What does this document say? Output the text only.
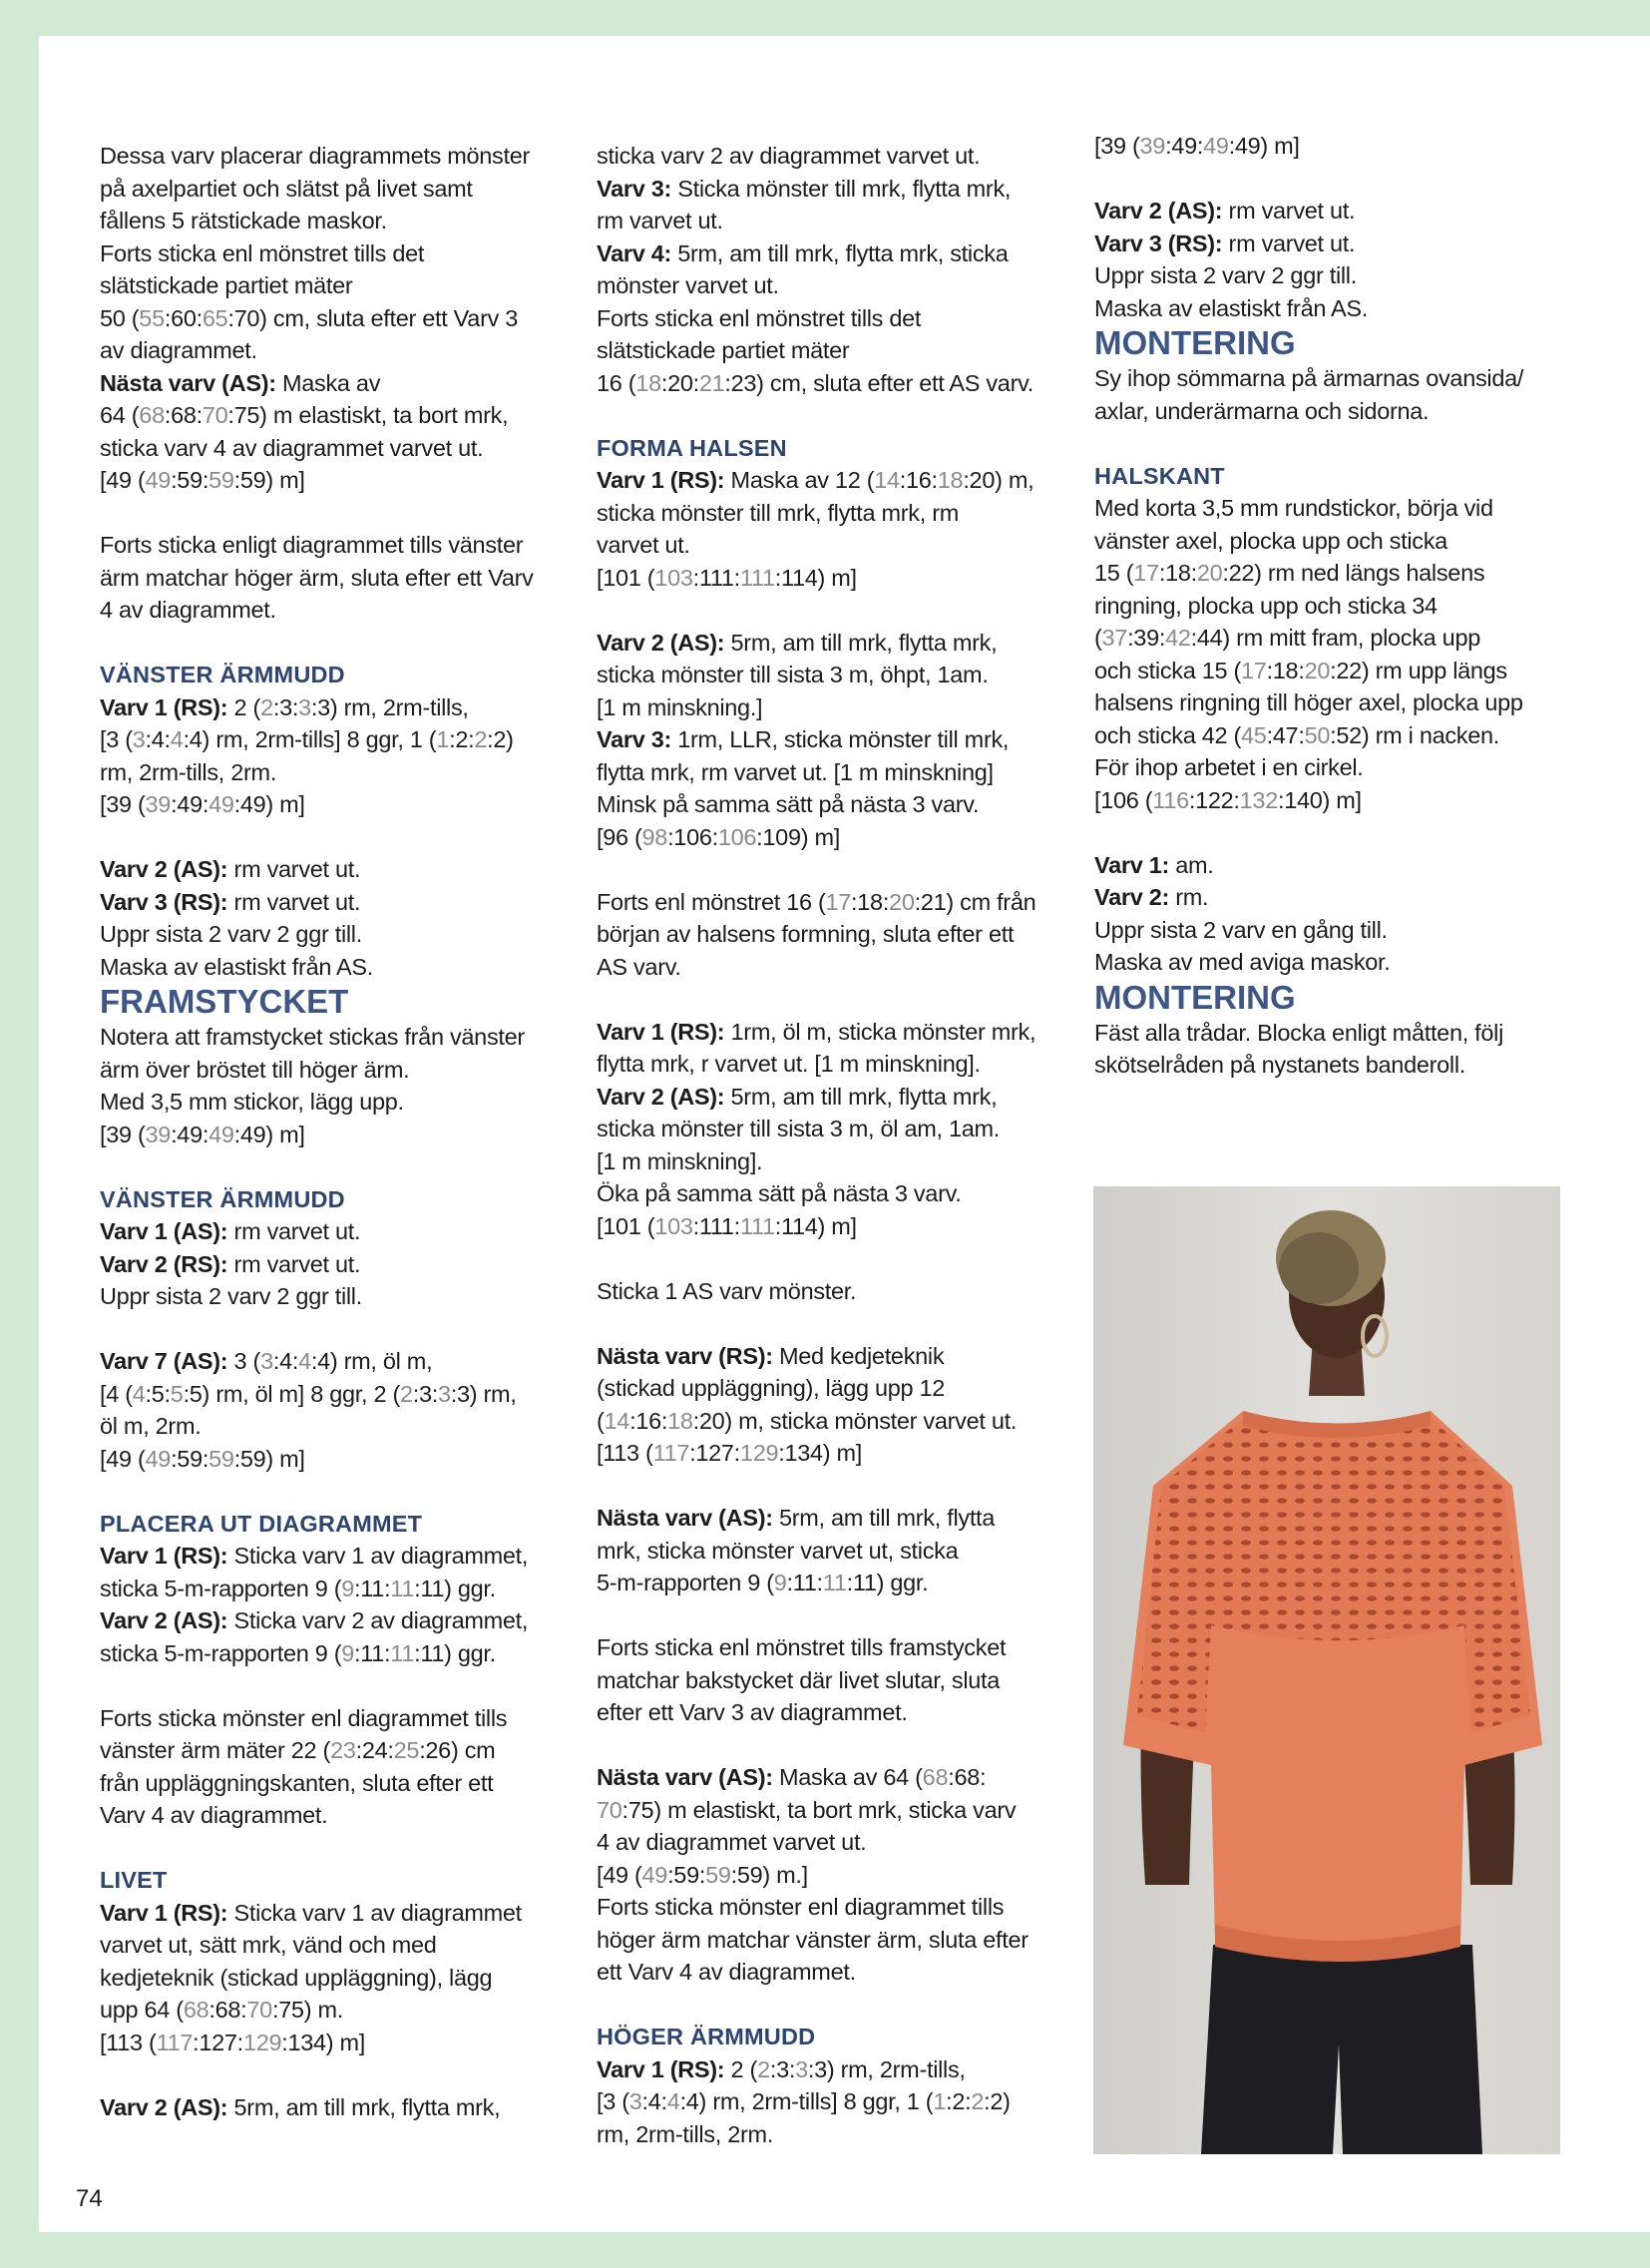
Dessa varv placerar diagrammets mönster

på axelpartiet och slätst på livet samt

fållens 5 rätstickade maskor.

Forts sticka enl mönstret tills det

slätstickade partiet mäter

50 (55:60:65:70) cm, sluta efter ett Varv 3

av diagrammet.

Nästa varv (AS): Maska av

64 (68:68:70:75) m elastiskt, ta bort mrk,

sticka varv 4 av diagrammet varvet ut.

[49 (49:59:59:59) m]

Forts sticka enligt diagrammet tills vänster

ärm matchar höger ärm, sluta efter ett Varv

4 av diagrammet.

VÄNSTER ÄRMMUDD

Varv 1 (RS): 2 (2:3:3:3) rm, 2rm-tills,

[3 (3:4:4:4) rm, 2rm-tills] 8 ggr, 1 (1:2:2:2)

rm, 2rm-tills, 2rm.

[39 (39:49:49:49) m]

Varv 2 (AS): rm varvet ut.

Varv 3 (RS): rm varvet ut.

Uppr sista 2 varv 2 ggr till.

Maska av elastiskt från AS.

FRAMSTYCKET

Notera att framstycket stickas från vänster

ärm över bröstet till höger ärm.

Med 3,5 mm stickor, lägg upp.

[39 (39:49:49:49) m]

VÄNSTER ÄRMMUDD

Varv 1 (AS): rm varvet ut.

Varv 2 (RS): rm varvet ut.

Uppr sista 2 varv 2 ggr till.

Varv 7 (AS): 3 (3:4:4:4) rm, öl m,

[4 (4:5:5:5) rm, öl m] 8 ggr, 2 (2:3:3:3) rm,

öl m, 2rm.

[49 (49:59:59:59) m]

PLACERA UT DIAGRAMMET

Varv 1 (RS): Sticka varv 1 av diagrammet,

sticka 5-m-rapporten 9 (9:11:11:11) ggr.

Varv 2 (AS): Sticka varv 2 av diagrammet,

sticka 5-m-rapporten 9 (9:11:11:11) ggr.

Forts sticka mönster enl diagrammet tills

vänster ärm mäter 22 (23:24:25:26) cm

från uppläggningskanten, sluta efter ett

Varv 4 av diagrammet.

LIVET

Varv 1 (RS): Sticka varv 1 av diagrammet

varvet ut, sätt mrk, vänd och med

kedjeteknik (stickad uppläggning), lägg

upp 64 (68:68:70:75) m.

[113 (117:127:129:134) m]

Varv 2 (AS): 5rm, am till mrk, flytta mrk,

sticka varv 2 av diagrammet varvet ut.

Varv 3: Sticka mönster till mrk, flytta mrk,

rm varvet ut.

Varv 4: 5rm, am till mrk, flytta mrk, sticka

mönster varvet ut.

Forts sticka enl mönstret tills det

slätstickade partiet mäter

16 (18:20:21:23) cm, sluta efter ett AS varv.

FORMA HALSEN

Varv 1 (RS): Maska av 12 (14:16:18:20) m,

sticka mönster till mrk, flytta mrk, rm

varvet ut.

[101 (103:111:111:114) m]

Varv 2 (AS): 5rm, am till mrk, flytta mrk,

sticka mönster till sista 3 m, öhpt, 1am.

[1 m minskning.]

Varv 3: 1rm, LLR, sticka mönster till mrk,

flytta mrk, rm varvet ut. [1 m minskning]

Minsk på samma sätt på nästa 3 varv.

[96 (98:106:106:109) m]

Forts enl mönstret 16 (17:18:20:21) cm från

början av halsens formning, sluta efter ett

AS varv.

Varv 1 (RS): 1rm, öl m, sticka mönster mrk,

flytta mrk, r varvet ut. [1 m minskning].

Varv 2 (AS): 5rm, am till mrk, flytta mrk,

sticka mönster till sista 3 m, öl am, 1am.

[1 m minskning].

Öka på samma sätt på nästa 3 varv.

[101 (103:111:111:114) m]

Sticka 1 AS varv mönster.

Nästa varv (RS): Med kedjeteknik

(stickad uppläggning), lägg upp 12

(14:16:18:20) m, sticka mönster varvet ut.

[113 (117:127:129:134) m]

Nästa varv (AS): 5rm, am till mrk, flytta

mrk, sticka mönster varvet ut, sticka

5-m-rapporten 9 (9:11:11:11) ggr.

Forts sticka enl mönstret tills framstycket

matchar bakstycket där livet slutar, sluta

efter ett Varv 3 av diagrammet.

Nästa varv (AS): Maska av 64 (68:68:

70:75) m elastiskt, ta bort mrk, sticka varv

4 av diagrammet varvet ut.

[49 (49:59:59:59) m.]

Forts sticka mönster enl diagrammet tills

höger ärm matchar vänster ärm, sluta efter

ett Varv 4 av diagrammet.

HÖGER ÄRMMUDD

Varv 1 (RS): 2 (2:3:3:3) rm, 2rm-tills,

[3 (3:4:4:4) rm, 2rm-tills] 8 ggr, 1 (1:2:2:2)

rm, 2rm-tills, 2rm.

[39 (39:49:49:49) m]

Varv 2 (AS): rm varvet ut.

Varv 3 (RS): rm varvet ut.

Uppr sista 2 varv 2 ggr till.

Maska av elastiskt från AS.

MONTERING

Sy ihop sömmarna på ärmarnas ovansida/

axlar, underärmarna och sidorna.

HALSKANT

Med korta 3,5 mm rundstickor, börja vid

vänster axel, plocka upp och sticka

15 (17:18:20:22) rm ned längs halsens

ringning, plocka upp och sticka 34

(37:39:42:44) rm mitt fram, plocka upp

och sticka 15 (17:18:20:22) rm upp längs

halsens ringning till höger axel, plocka upp

och sticka 42 (45:47:50:52) rm i nacken.

För ihop arbetet i en cirkel.

[106 (116:122:132:140) m]

Varv 1: am.

Varv 2: rm.

Uppr sista 2 varv en gång till.

Maska av med aviga maskor.

MONTERING

Fäst alla trådar. Blocka enligt måtten, följ

skötselråden på nystanets banderoll.

74
